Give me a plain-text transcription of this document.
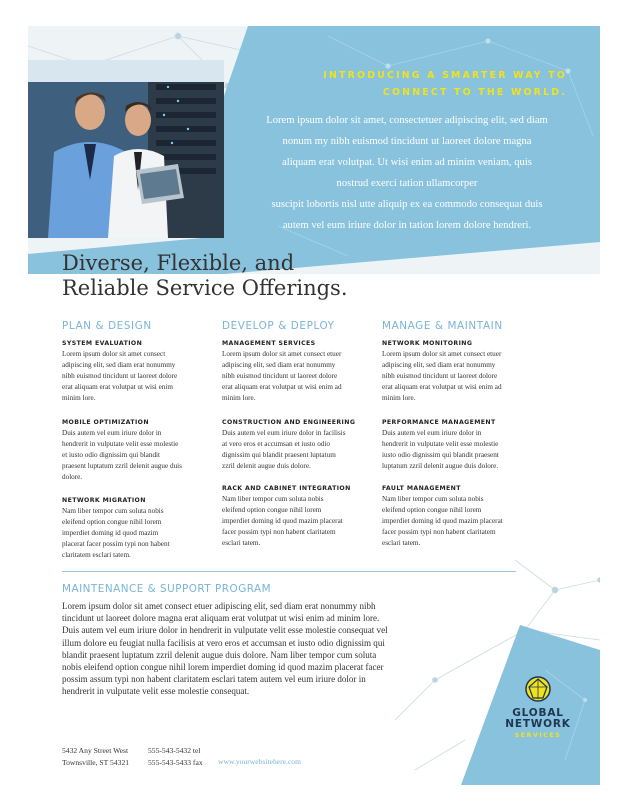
INTRODUCING A SMARTER WAY TO
CONNECT TO THE WORLD.
Lorem ipsum dolor sit amet, consectetuer adipiscing elit, sed diam
nonum my nibh euismod tincidunt ut laoreet dolore magna
aliquam erat volutpat. Ut wisi enim ad minim veniam, quis
nostrud exerci tation ullamcorper
suscipit lobortis nisl utte aliquip ex ea commodo consequat duis
autem vel eum iriure dolor in tation lorem dolore hendreri.
Diverse, Flexible, and
Reliable Service Offerings.
PLAN & DESIGN
SYSTEM EVALUATION
Lorem ipsum dolor sit amet consect
adipiscing elit, sed diam erat nonummy
nibh euismod tincidunt ut laoreet dolore
erat aliquam erat volutpat ut wisi enim
minim lore.
MOBILE OPTIMIZATION
Duis autem vel eum iriure dolor in
hendrerit in vulputate velit esse molestie
et iusto odio dignissim qui blandit
praesent luptatum zzril delenit augue duis
dolore.
NETWORK MIGRATION
Nam liber tempor cum soluta nobis
eleifend option congue nihil lorem
imperdiet doming id quod mazim
placerat facer possim typi non habent
claritatem esclari tatem.
DEVELOP & DEPLOY
MANAGEMENT SERVICES
Lorem ipsum dolor sit amet consect etuer
adipiscing elit, sed diam erat nonummy
nibh euismod tincidunt ut laoreet dolore
erat aliquam erat volutpat ut wisi enim ad
minim lore.
CONSTRUCTION AND ENGINEERING
Duis autem vel eum iriure dolor in facilisis
at vero eros et accumsan et iusto odio
dignissim qui blandit praesent luptatum
zzril delenit augue duis dolore.
RACK AND CABINET INTEGRATION
Nam liber tempor cum soluta nobis
eleifend option congue nihil lorem
imperdiet doming id quod mazim placerat
facer possim typi non habent claritatem
esclari tatem.
MANAGE & MAINTAIN
NETWORK MONITORING
Lorem ipsum dolor sit amet consect etuer
adipiscing elit, sed diam erat nonummy
nibh euismod tincidunt ut laoreet dolore
erat aliquam erat volutpat ut wisi enim ad
minim lore.
PERFORMANCE MANAGEMENT
Duis autem vel eum iriure dolor in
hendrerit in vulputate velit esse molestie
iusto odio dignissim qui blandit praesent
luptatum zzril delenit augue duis dolore.
FAULT MANAGEMENT
Nam liber tempor cum soluta nobis
eleifend option congue nihil lorem
imperdiet doming id quod mazim placerat
facer possim typi non habent claritatem
esclari tatem.
GLOBAL
NETWORK
SERVICES
MAINTENANCE & SUPPORT PROGRAM
Lorem ipsum dolor sit amet consect etuer adipiscing elit, sed diam erat nonummy nibh
tincidunt ut laoreet dolore magna erat aliquam erat volutpat ut wisi enim ad minim lore.
Duis autem vel eum iriure dolor in hendrerit in vulputate velit esse molestie consequat vel
illum dolore eu feugiat nulla facilisis at vero eros et accumsan et iusto odio dignissim qui
blandit praesent luptatum zzril delenit augue duis dolore. Nam liber tempor cum soluta
nobis eleifend option congue nihil lorem imperdiet doming id quod mazim placerat facer
possim assum typi non habent claritatem esclari tatem autem vel eum iriure dolor in
hendrerit in vulputate velit esse molestie consequat.
5432 Any Street West
Townsville, ST 54321
555-543-5432 tel
555-543-5433 fax www.yourwebsitehere.com
